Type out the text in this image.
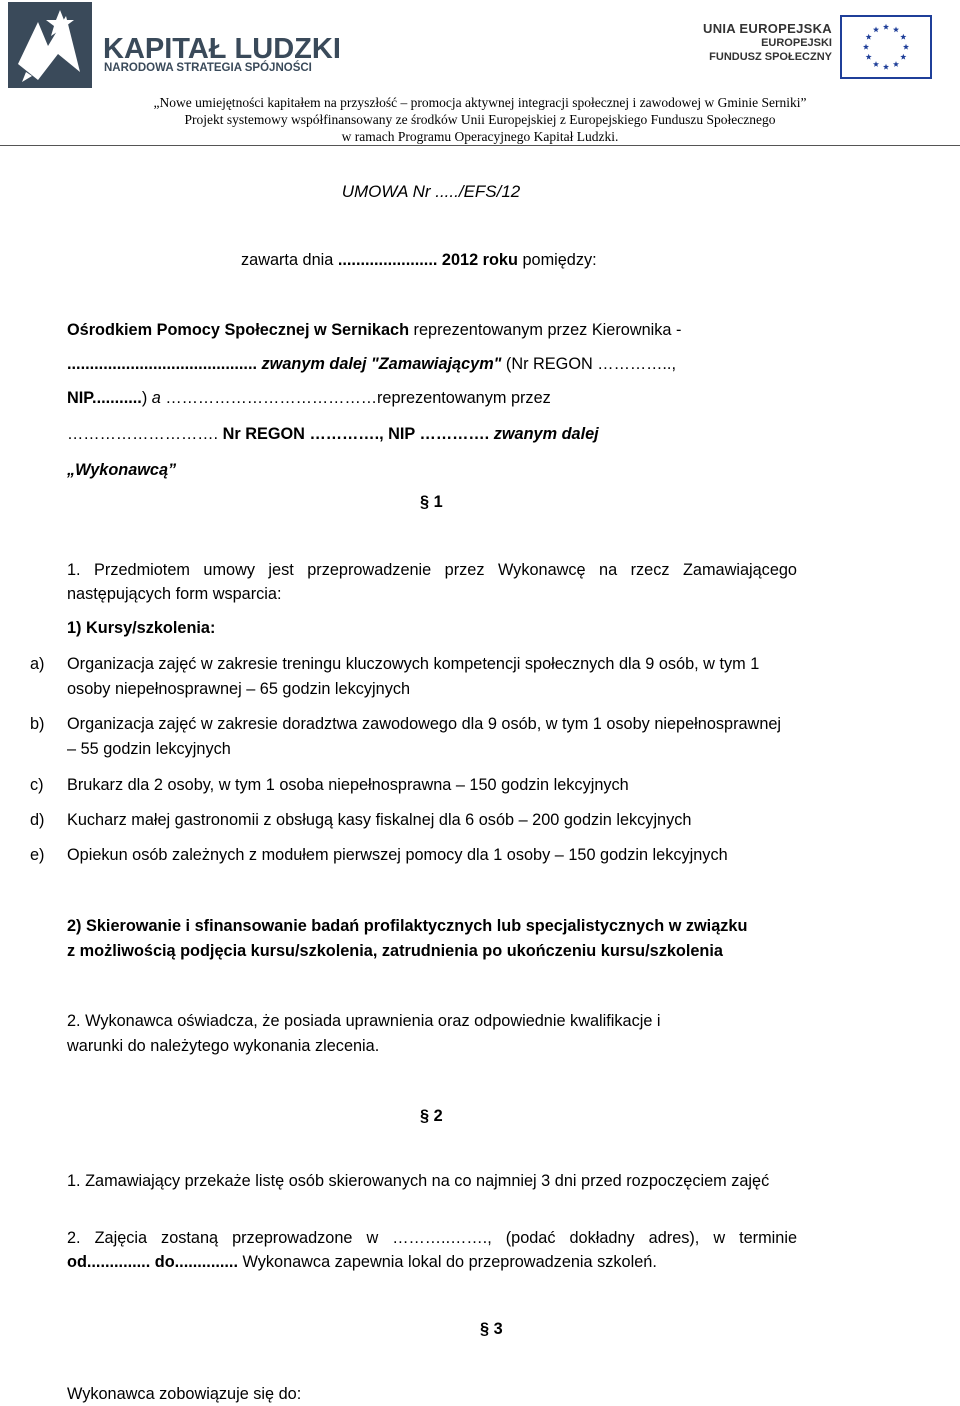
KAPITAŁ LUDZKI
NARODOWA STRATEGIA SPÓJNOŚCI
UNIA EUROPEJSKA
EUROPEJSKI
FUNDUSZ SPOŁECZNY
„Nowe umiejętności kapitałem na przyszłość – promocja aktywnej integracji społecznej i zawodowej w Gminie Serniki”
Projekt systemowy współfinansowany ze środków Unii Europejskiej z Europejskiego Funduszu Społecznego
w ramach Programu Operacyjnego Kapitał Ludzki.
UMOWA Nr ...../EFS/12
zawarta dnia ...................... 2012 roku pomiędzy:
Ośrodkiem Pomocy Społecznej w Sernikach reprezentowanym przez Kierownika -
.......................................... zwanym dalej "Zamawiającym" (Nr REGON …………..,
NIP...........) a …………………………………reprezentowanym przez
………………………. Nr REGON …………., NIP …………. zwanym dalej
„Wykonawcą”
§ 1
1. Przedmiotem umowy jest przeprowadzenie przez Wykonawcę na rzecz Zamawiającego następujących form wsparcia:
1) Kursy/szkolenia:
a) Organizacja zajęć w zakresie treningu kluczowych kompetencji społecznych dla 9 osób, w tym 1
osoby niepełnosprawnej – 65 godzin lekcyjnych
b) Organizacja zajęć w zakresie doradztwa zawodowego dla 9 osób, w tym 1 osoby niepełnosprawnej
– 55 godzin lekcyjnych
c) Brukarz dla 2 osoby, w tym 1 osoba niepełnosprawna – 150 godzin lekcyjnych
d) Kucharz małej gastronomii z obsługą kasy fiskalnej dla 6 osób – 200 godzin lekcyjnych
e) Opiekun osób zależnych z modułem pierwszej pomocy dla 1 osoby – 150 godzin lekcyjnych
2) Skierowanie i sfinansowanie badań profilaktycznych lub specjalistycznych w związku
z możliwością podjęcia kursu/szkolenia, zatrudnienia po ukończeniu kursu/szkolenia
2. Wykonawca oświadcza, że posiada uprawnienia oraz odpowiednie kwalifikacje i
warunki do należytego wykonania zlecenia.
§ 2
1. Zamawiający przekaże listę osób skierowanych na co najmniej 3 dni przed rozpoczęciem zajęć
2. Zajęcia zostaną przeprowadzone w ………..……., (podać dokładny adres), w terminie
od.............. do.............. Wykonawca zapewnia lokal do przeprowadzenia szkoleń.
§ 3
Wykonawca zobowiązuje się do:
